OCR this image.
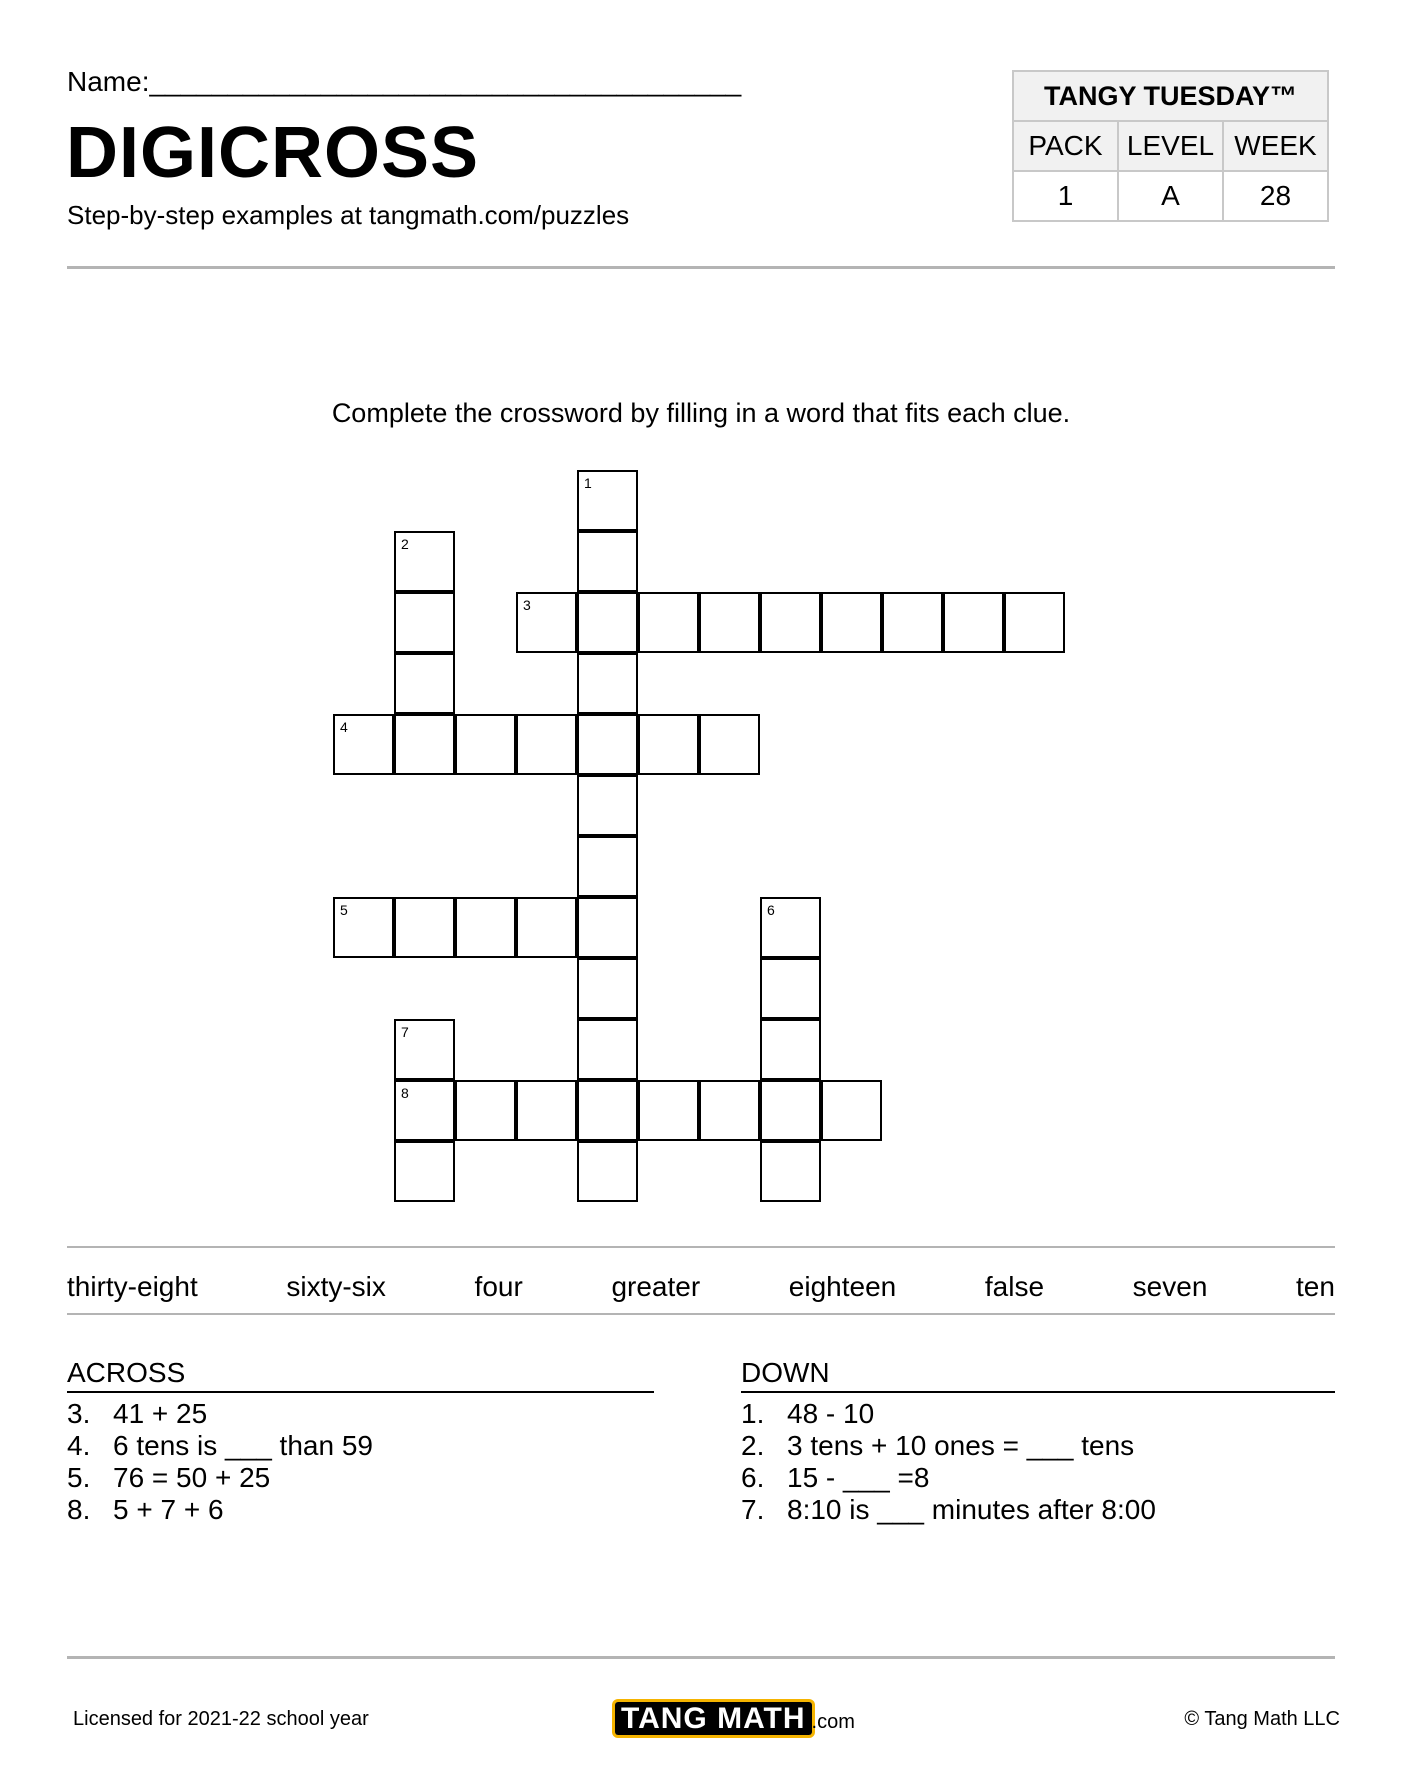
Name:______________________________________
DIGICROSS
Step-by-step examples at tangmath.com/puzzles
TANGY TUESDAY™		
PACK	LEVEL	WEEK
1	A	28
Complete the crossword by filling in a word that fits each clue.
1
2
3
4
5	6
7
8
thirty-eight	sixty-six	four	greater	eighteen	false	seven	ten
ACROSS
3. 41 + 25
4. 6 tens is ___ than 59
5. 76 = 50 + 25
8. 5 + 7 + 6
DOWN
1. 48 - 10
2. 3 tens + 10 ones = ___ tens
6. 15 - ___ =8
7. 8:10 is ___ minutes after 8:00
Licensed for 2021-22 school year	TANG MATH .com	© Tang Math LLC
